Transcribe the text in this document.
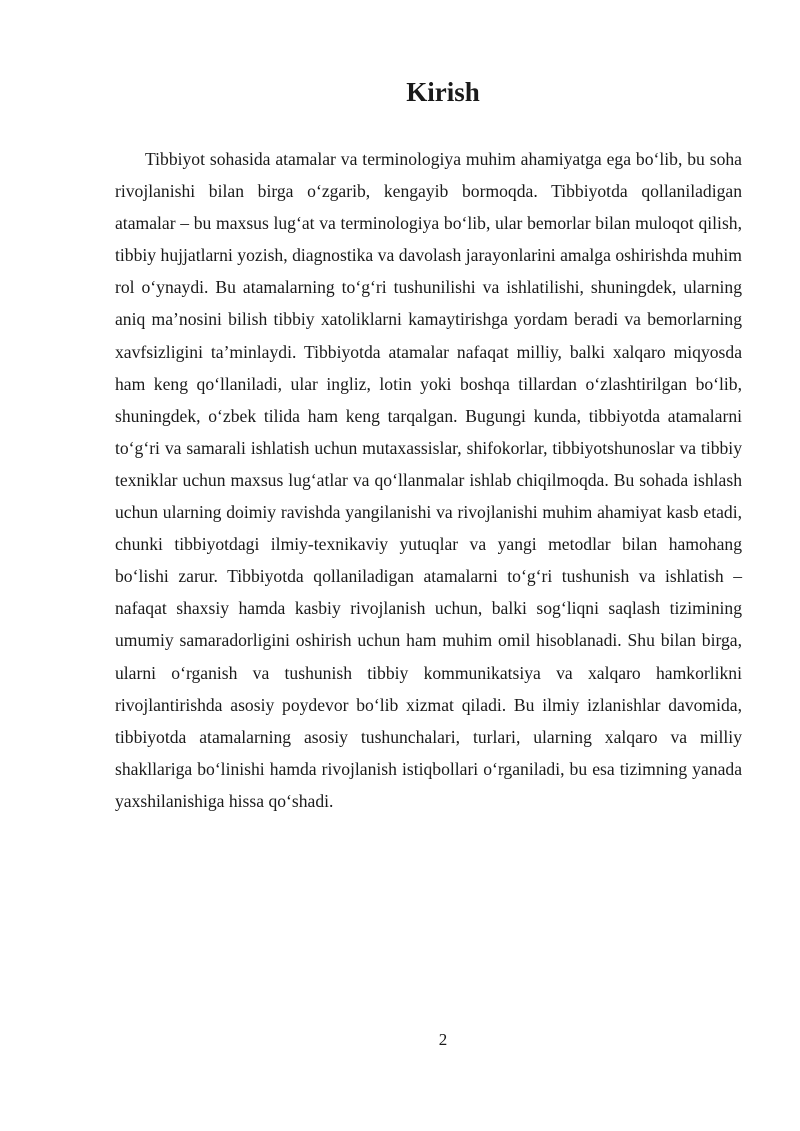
Kirish

Tibbiyot sohasida atamalar va terminologiya muhim ahamiyatga ega bo‘lib, bu soha rivojlanishi bilan birga o‘zgarib, kengayib bormoqda. Tibbiyotda qollaniladigan atamalar – bu maxsus lug‘at va terminologiya bo‘lib, ular bemorlar bilan muloqot qilish, tibbiy hujjatlarni yozish, diagnostika va davolash jarayonlarini amalga oshirishda muhim rol o‘ynaydi. Bu atamalarning to‘g‘ri tushunilishi va ishlatilishi, shuningdek, ularning aniq ma’nosini bilish tibbiy xatoliklarni kamaytirishga yordam beradi va bemorlarning xavfsizligini ta’minlaydi. Tibbiyotda atamalar nafaqat milliy, balki xalqaro miqyosda ham keng qo‘llaniladi, ular ingliz, lotin yoki boshqa tillardan o‘zlashtirilgan bo‘lib, shuningdek, o‘zbek tilida ham keng tarqalgan. Bugungi kunda, tibbiyotda atamalarni to‘g‘ri va samarali ishlatish uchun mutaxassislar, shifokorlar, tibbiyotshunoslar va tibbiy texniklar uchun maxsus lug‘atlar va qo‘llanmalar ishlab chiqilmoqda. Bu sohada ishlash uchun ularning doimiy ravishda yangilanishi va rivojlanishi muhim ahamiyat kasb etadi, chunki tibbiyotdagi ilmiy-texnikaviy yutuqlar va yangi metodlar bilan hamohang bo‘lishi zarur. Tibbiyotda qollaniladigan atamalarni to‘g‘ri tushunish va ishlatish – nafaqat shaxsiy hamda kasbiy rivojlanish uchun, balki sog‘liqni saqlash tizimining umumiy samaradorligini oshirish uchun ham muhim omil hisoblanadi. Shu bilan birga, ularni o‘rganish va tushunish tibbiy kommunikatsiya va xalqaro hamkorlikni rivojlantirishda asosiy poydevor bo‘lib xizmat qiladi. Bu ilmiy izlanishlar davomida, tibbiyotda atamalarning asosiy tushunchalari, turlari, ularning xalqaro va milliy shakllariga bo‘linishi hamda rivojlanish istiqbollari o‘rganiladi, bu esa tizimning yanada yaxshilanishiga hissa qo‘shadi.

2
